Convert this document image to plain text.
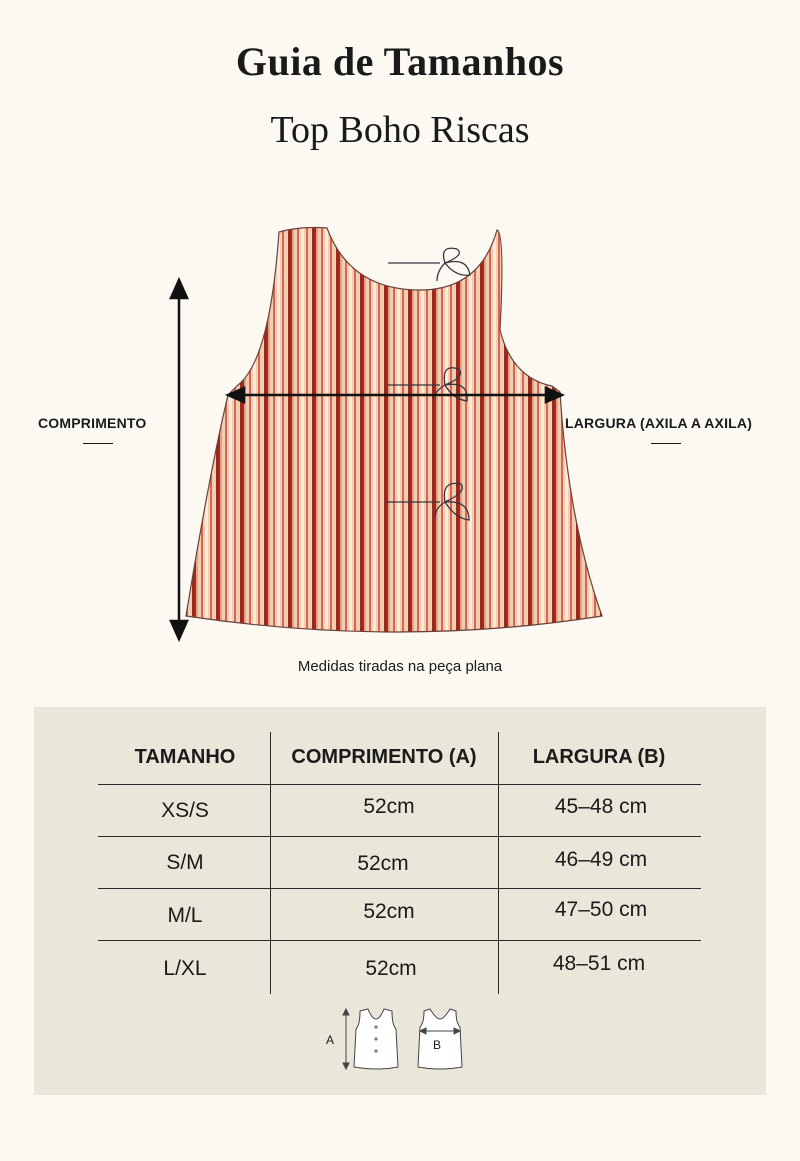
Guia de Tamanhos
Top Boho Riscas
COMPRIMENTO	LARGURA (AXILA A AXILA)
Medidas tiradas na peça plana
TAMANHO	COMPRIMENTO (A)	LARGURA (B)
XS/S	52cm	45–48 cm
S/M	52cm	46–49 cm
M/L	52cm	47–50 cm
L/XL	52cm	48–51 cm
A	B
